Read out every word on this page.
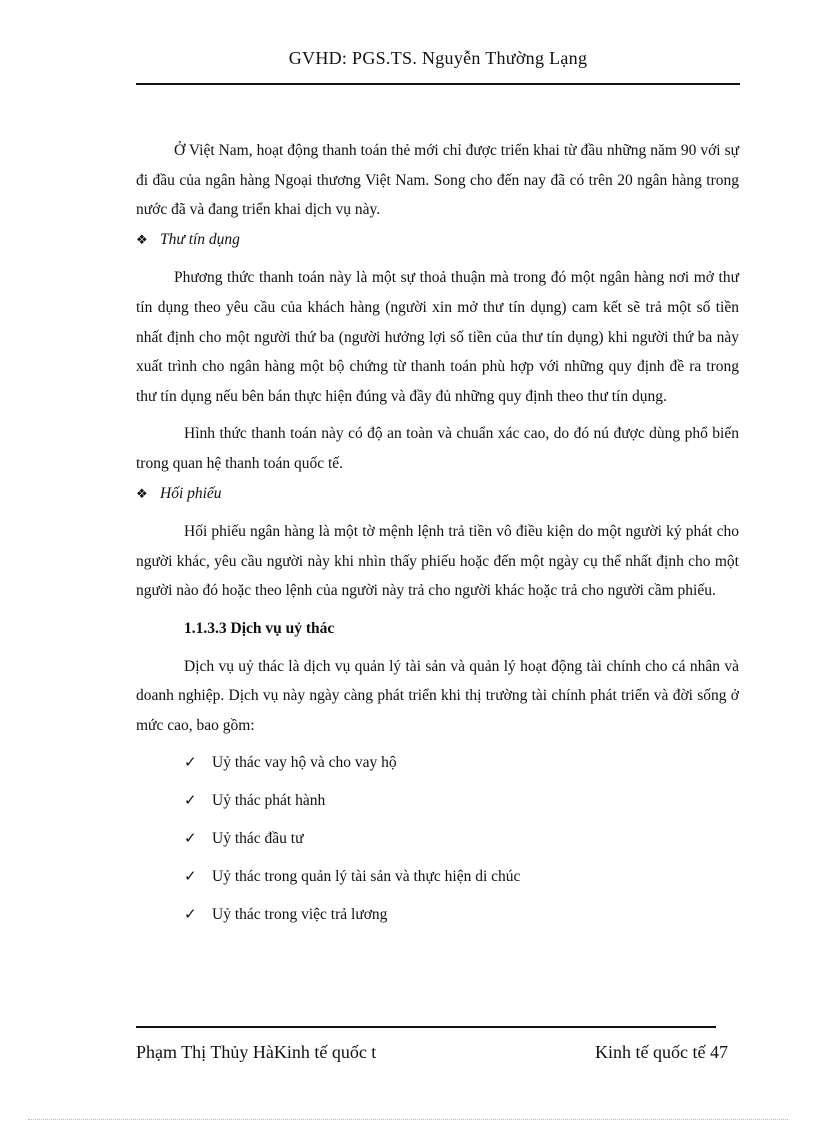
GVHD: PGS.TS. Nguyễn Thường Lạng

Ở Việt Nam, hoạt động thanh toán thẻ mới chỉ được triển khai từ đầu những năm 90 với sự đi đầu của ngân hàng Ngoại thương Việt Nam. Song cho đến nay đã có trên 20 ngân hàng trong nước đã và đang triển khai dịch vụ này.

❖ Thư tín dụng

Phương thức thanh toán này là một sự thoả thuận mà trong đó một ngân hàng nơi mở thư tín dụng theo yêu cầu của khách hàng (người xin mở thư tín dụng) cam kết sẽ trả một số tiền nhất định cho một người thứ ba (người hưởng lợi số tiền của thư tín dụng) khi người thứ ba này xuất trình cho ngân hàng một bộ chứng từ thanh toán phù hợp với những quy định đề ra trong thư tín dụng nếu bên bán thực hiện đúng và đầy đủ những quy định theo thư tín dụng.

Hình thức thanh toán này có độ an toàn và chuẩn xác cao, do đó nú được dùng phổ biến trong quan hệ thanh toán quốc tế.

❖ Hối phiếu

Hối phiếu ngân hàng là một tờ mệnh lệnh trả tiền vô điều kiện do một người ký phát cho người khác, yêu cầu người này khi nhìn thấy phiếu hoặc đến một ngày cụ thể nhất định cho một người nào đó hoặc theo lệnh của người này trả cho người khác hoặc trả cho người cầm phiếu.

1.1.3.3 Dịch vụ uỷ thác

Dịch vụ uỷ thác là dịch vụ quản lý tài sản và quản lý hoạt động tài chính cho cá nhân và doanh nghiệp. Dịch vụ này ngày càng phát triển khi thị trường tài chính phát triển và đời sống ở mức cao, bao gồm:

✓ Uỷ thác vay hộ và cho vay hộ
✓ Uỷ thác phát hành
✓ Uỷ thác đầu tư
✓ Uỷ thác trong quản lý tài sản và thực hiện di chúc
✓ Uỷ thác trong việc trả lương
Phạm Thị Thủy HàKinh tế quốc t	Kinh tế quốc tế 47
